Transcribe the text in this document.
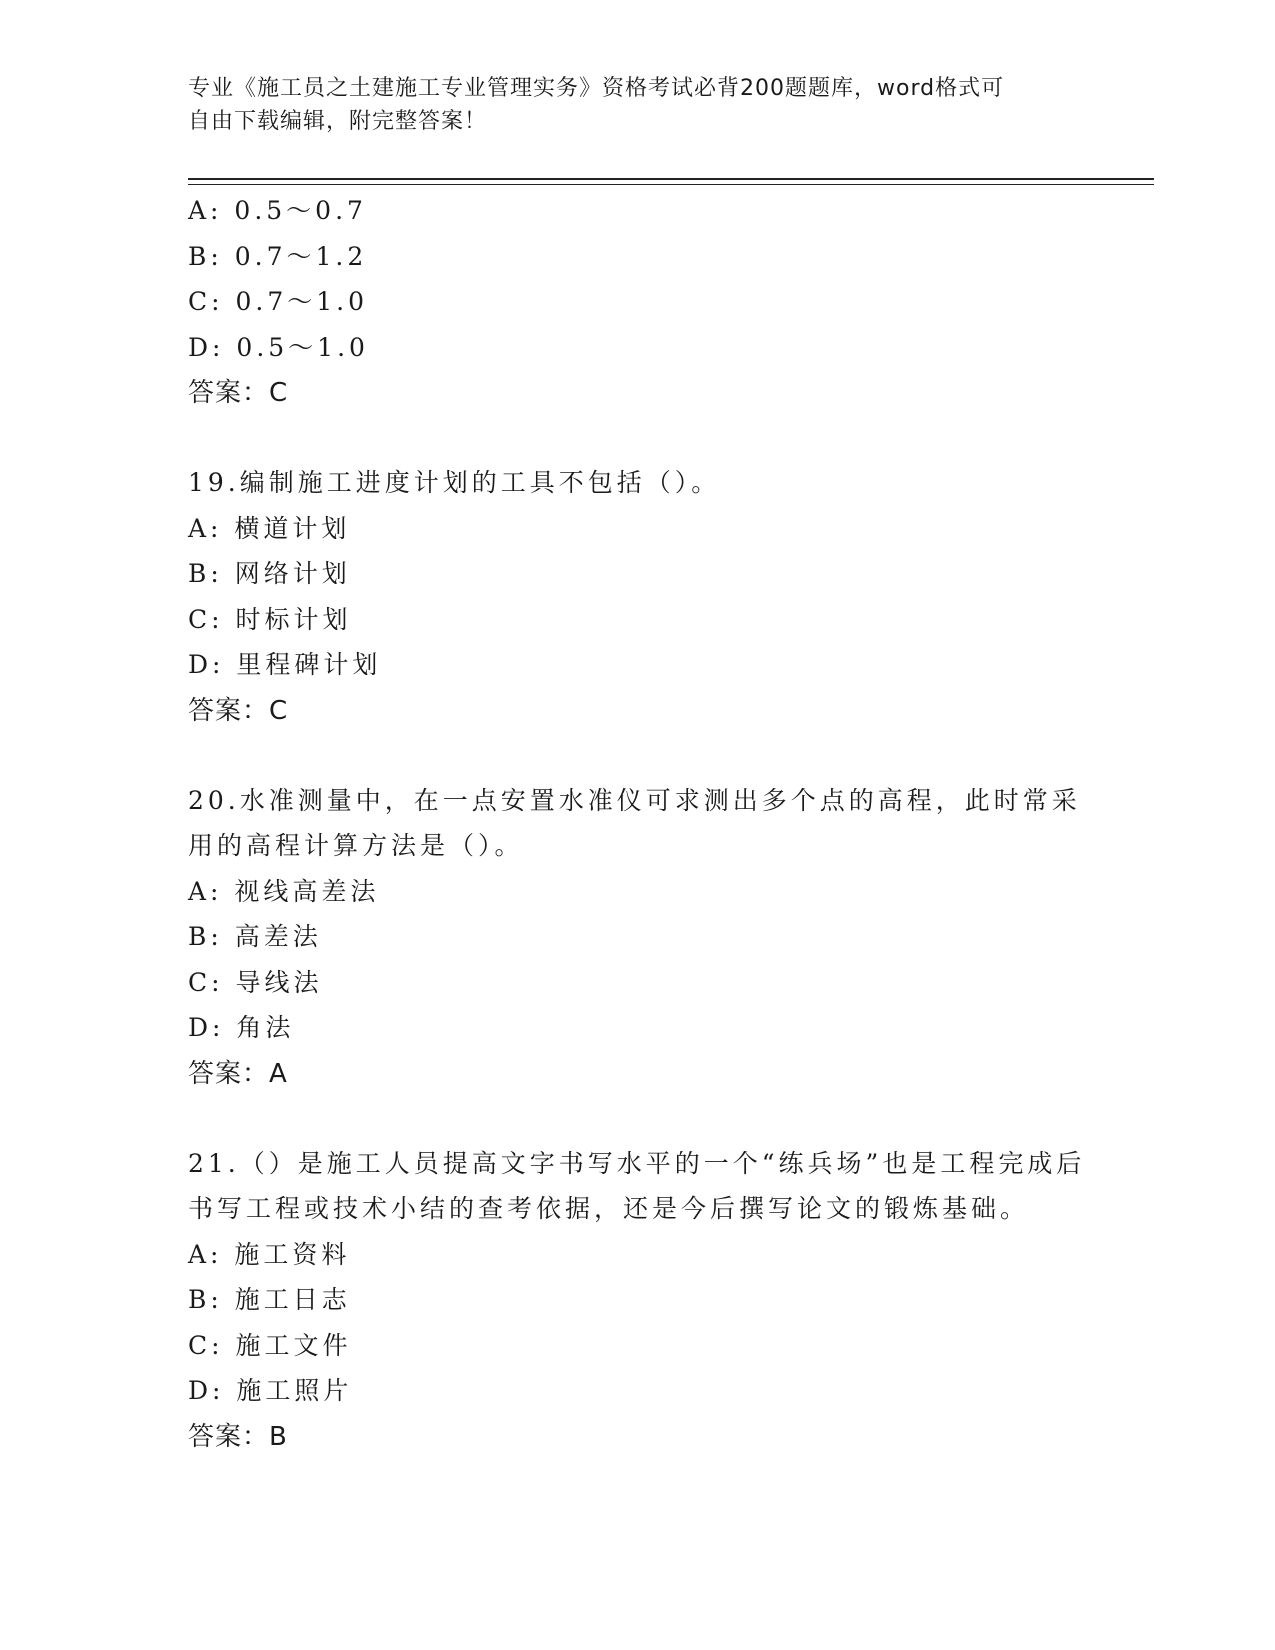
专业《施工员之土建施工专业管理实务》资格考试必背200题题库，word格式可
自由下载编辑，附完整答案！
A: 0.5～0.7
B: 0.7～1.2
C: 0.7～1.0
D: 0.5～1.0
答案：C
19.编制施工进度计划的工具不包括（）。
A: 横道计划
B: 网络计划
C: 时标计划
D: 里程碑计划
答案：C
20.水准测量中，在一点安置水准仪可求测出多个点的高程，此时常采用的高程计算方法是（）。
A: 视线高差法
B: 高差法
C: 导线法
D: 角法
答案：A
21.（）是施工人员提高文字书写水平的一个“练兵场”也是工程完成后书写工程或技术小结的查考依据，还是今后撰写论文的锻炼基础。
A: 施工资料
B: 施工日志
C: 施工文件
D: 施工照片
答案：B
